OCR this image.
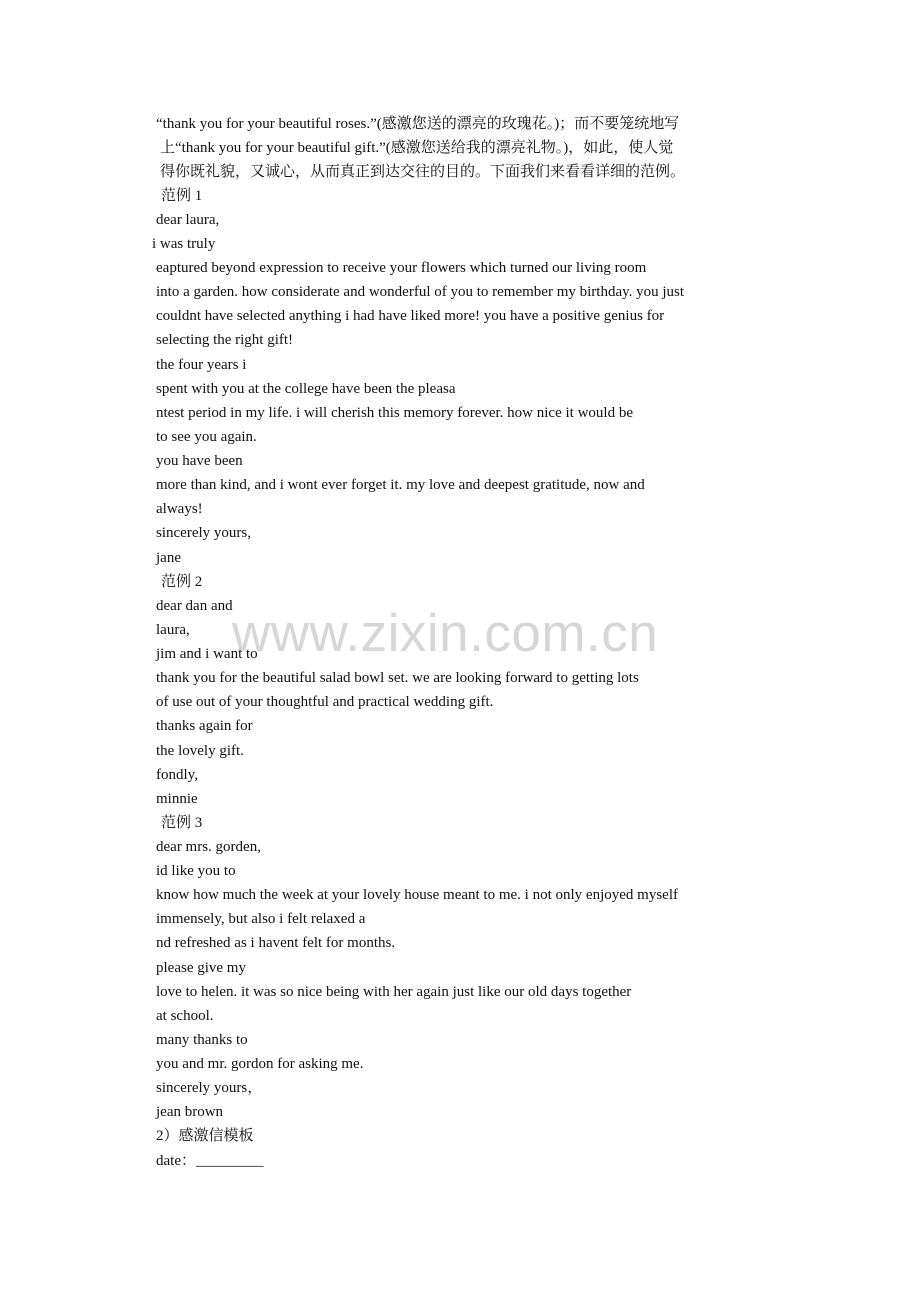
www.zixin.com.cn
“thank you for your beautiful roses.”(感激您送的漂亮的玫瑰花。)；而不要笼统地写
上“thank you for your beautiful gift.”(感激您送给我的漂亮礼物。)，如此，使人觉
得你既礼貌，又诚心，从而真正到达交往的目的。下面我们来看看详细的范例。
范例 1
dear laura,
i was truly
eaptured beyond expression to receive your flowers which turned our living room
into a garden. how considerate and wonderful of you to remember my birthday. you just
couldnt have selected anything i had have liked more! you have a positive genius for
selecting the right gift!
the four years i
spent with you at the college have been the pleasa
ntest period in my life. i will cherish this memory forever. how nice it would be
to see you again.
you have been
more than kind, and i wont ever forget it. my love and deepest gratitude, now and
always!
sincerely yours,
jane
范例 2
dear dan and
laura,
jim and i want to
thank you for the beautiful salad bowl set. we are looking forward to getting lots
of use out of your thoughtful and practical wedding gift.
thanks again for
the lovely gift.
fondly,
minnie
范例 3
dear mrs. gorden,
id like you to
know how much the week at your lovely house meant to me. i not only enjoyed myself
immensely, but also i felt relaxed a
nd refreshed as i havent felt for months.
please give my
love to helen. it was so nice being with her again just like our old days together
at school.
many thanks to
you and mr. gordon for asking me.
sincerely yours，
jean brown
2）感激信模板
date：_________
